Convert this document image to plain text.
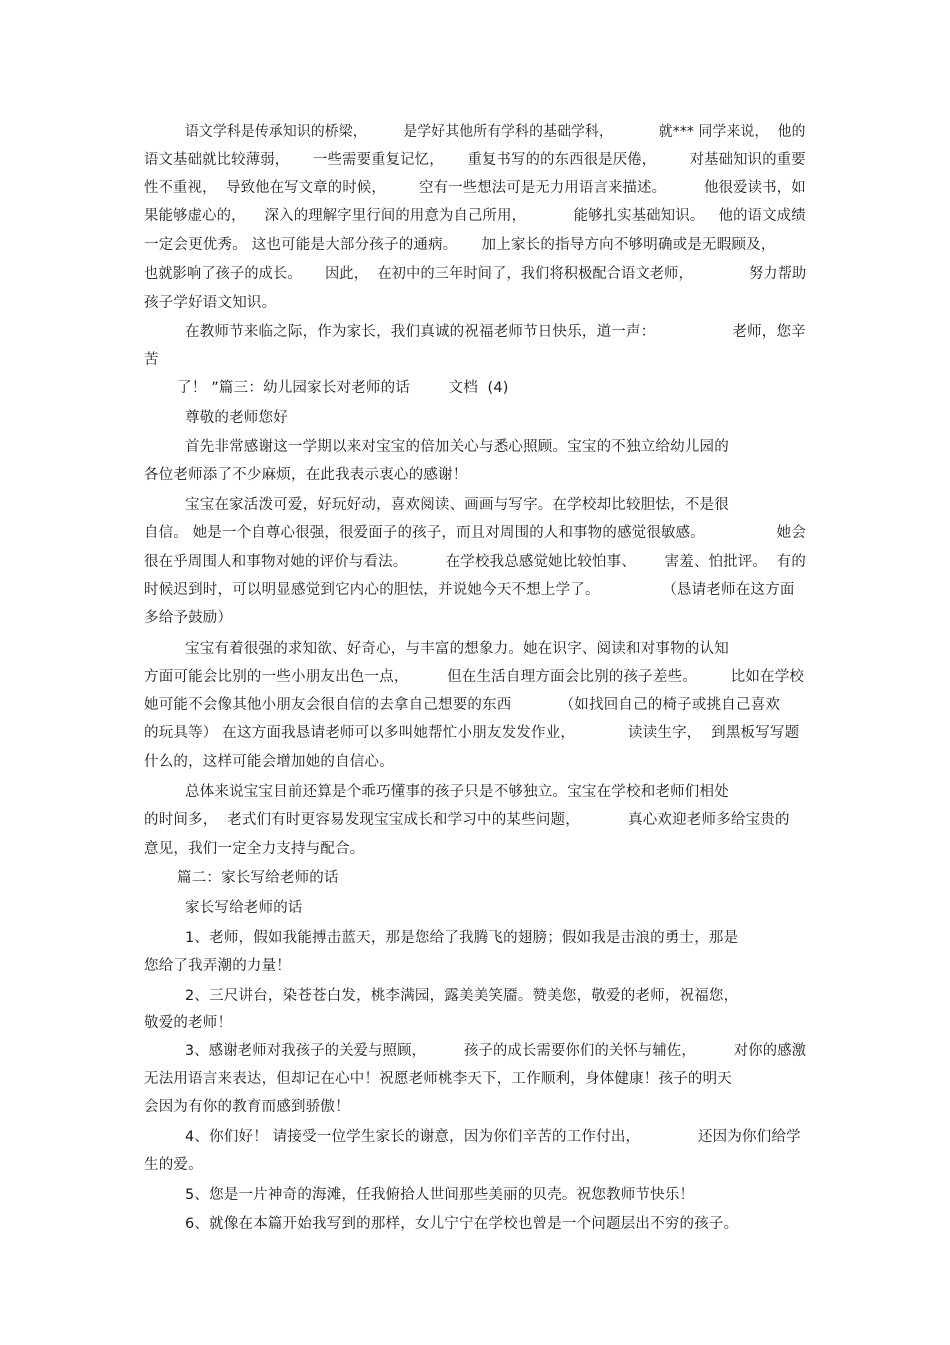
语文学科是传承知识的桥梁，        是学好其他所有学科的基础学科，          就*** 同学来说，  他的
语文基础就比较薄弱，     一些需要重复记忆，     重复书写的的东西很是厌倦，       对基础知识的重要
性不重视，  导致他在写文章的时候，       空有一些想法可是无力用语言来描述。        他很爱读书，如
果能够虚心的，    深入的理解字里行间的用意为自己所用，          能够扎实基础知识。   他的语文成绩
一定会更优秀。 这也可能是大部分孩子的通病。     加上家长的指导方向不够明确或是无暇顾及，
也就影响了孩子的成长。     因此，  在初中的三年时间了，我们将积极配合语文老师，            努力帮助
孩子学好语文知识。
在教师节来临之际，作为家长，我们真诚的祝福老师节日快乐，道一声：                老师，您辛
苦
了！ ”篇三：幼儿园家长对老师的话        文档  (4)
尊敬的老师您好
首先非常感谢这一学期以来对宝宝的倍加关心与悉心照顾。宝宝的不独立给幼儿园的
各位老师添了不少麻烦，在此我表示衷心的感谢！
宝宝在家活泼可爱，好玩好动，喜欢阅读、画画与写字。在学校却比较胆怯，不是很
自信。 她是一个自尊心很强，很爱面子的孩子，而且对周围的人和事物的感觉很敏感。               她会
很在乎周围人和事物对她的评价与看法。        在学校我总感觉她比较怕事、      害羞、怕批评。  有的
时候迟到时，可以明显感觉到它内心的胆怯，并说她今天不想上学了。             （恳请老师在这方面
多给予鼓励）
宝宝有着很强的求知欲、好奇心，与丰富的想象力。她在识字、阅读和对事物的认知
方面可能会比别的一些小朋友出色一点，        但在生活自理方面会比别的孩子差些。       比如在学校
她可能不会像其他小朋友会很自信的去拿自己想要的东西          （如找回自己的椅子或挑自己喜欢
的玩具等） 在这方面我恳请老师可以多叫她帮忙小朋友发发作业，           读读生字，  到黑板写写题
什么的，这样可能会增加她的自信心。
总体来说宝宝目前还算是个乖巧懂事的孩子只是不够独立。宝宝在学校和老师们相处
的时间多，  老式们有时更容易发现宝宝成长和学习中的某些问题，          真心欢迎老师多给宝贵的
意见，我们一定全力支持与配合。
篇二：家长写给老师的话
家长写给老师的话
1、老师，假如我能搏击蓝天，那是您给了我腾飞的翅膀；假如我是击浪的勇士，那是
您给了我弄潮的力量！
2、三尺讲台，染苍苍白发，桃李满园，露美美笑靥。赞美您，敬爱的老师，祝福您，
敬爱的老师！
3、感谢老师对我孩子的关爱与照顾，        孩子的成长需要你们的关怀与辅佐，        对你的感激
无法用语言来表达，但却记在心中！祝愿老师桃李天下，工作顺利，身体健康！孩子的明天
会因为有你的教育而感到骄傲！
4、你们好！ 请接受一位学生家长的谢意，因为你们辛苦的工作付出，            还因为你们给学
生的爱。
5、您是一片神奇的海滩，任我俯拾人世间那些美丽的贝壳。祝您教师节快乐！
6、就像在本篇开始我写到的那样，女儿宁宁在学校也曾是一个问题层出不穷的孩子。
